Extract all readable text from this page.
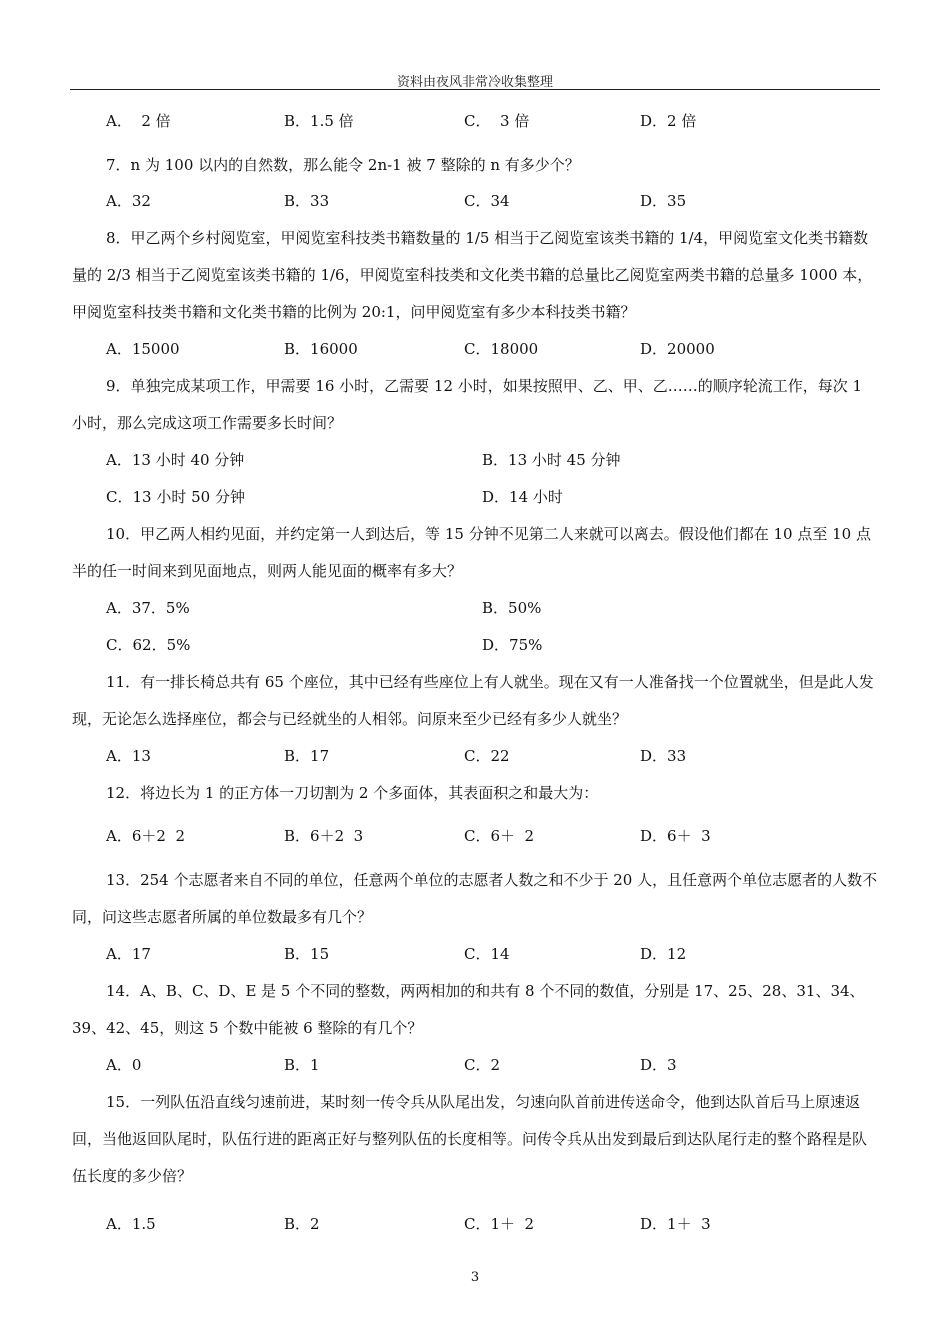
资料由夜风非常冷收集整理
A．  2 倍	B．1.5 倍	C．  3 倍	D．2 倍

7．n 为 100 以内的自然数，那么能令 2n-1 被 7 整除的 n 有多少个？

A．32	B．33	C．34	D．35

8．甲乙两个乡村阅览室，甲阅览室科技类书籍数量的 1/5 相当于乙阅览室该类书籍的 1/4，甲阅览室文化类书籍数量的 2/3 相当于乙阅览室该类书籍的 1/6，甲阅览室科技类和文化类书籍的总量比乙阅览室两类书籍的总量多 1000 本，甲阅览室科技类书籍和文化类书籍的比例为 20:1，问甲阅览室有多少本科技类书籍？

A．15000	B．16000	C．18000	D．20000

9．单独完成某项工作，甲需要 16 小时，乙需要 12 小时，如果按照甲、乙、甲、乙……的顺序轮流工作，每次 1 小时，那么完成这项工作需要多长时间？

A．13 小时 40 分钟	B．13 小时 45 分钟
C．13 小时 50 分钟	D．14 小时

10．甲乙两人相约见面，并约定第一人到达后，等 15 分钟不见第二人来就可以离去。假设他们都在 10 点至 10 点半的任一时间来到见面地点，则两人能见面的概率有多大？

A．37．5%	B．50%
C．62．5%	D．75%

11．有一排长椅总共有 65 个座位，其中已经有些座位上有人就坐。现在又有一人准备找一个位置就坐，但是此人发现，无论怎么选择座位，都会与已经就坐的人相邻。问原来至少已经有多少人就坐？

A．13	B．17	C．22	D．33

12．将边长为 1 的正方体一刀切割为 2 个多面体，其表面积之和最大为：

A．6＋2  2	B．6＋2  3	C．6＋  2	D．6＋  3

13．254 个志愿者来自不同的单位，任意两个单位的志愿者人数之和不少于 20 人，且任意两个单位志愿者的人数不同，问这些志愿者所属的单位数最多有几个？

A．17	B．15	C．14	D．12

14．A、B、C、D、E 是 5 个不同的整数，两两相加的和共有 8 个不同的数值，分别是 17、25、28、31、34、39、42、45，则这 5 个数中能被 6 整除的有几个？

A．0	B．1	C．2	D．3

15．一列队伍沿直线匀速前进，某时刻一传令兵从队尾出发，匀速向队首前进传送命令，他到达队首后马上原速返回，当他返回队尾时，队伍行进的距离正好与整列队伍的长度相等。问传令兵从出发到最后到达队尾行走的整个路程是队伍长度的多少倍？

A．1.5	B．2	C．1＋  2	D．1＋  3
3
